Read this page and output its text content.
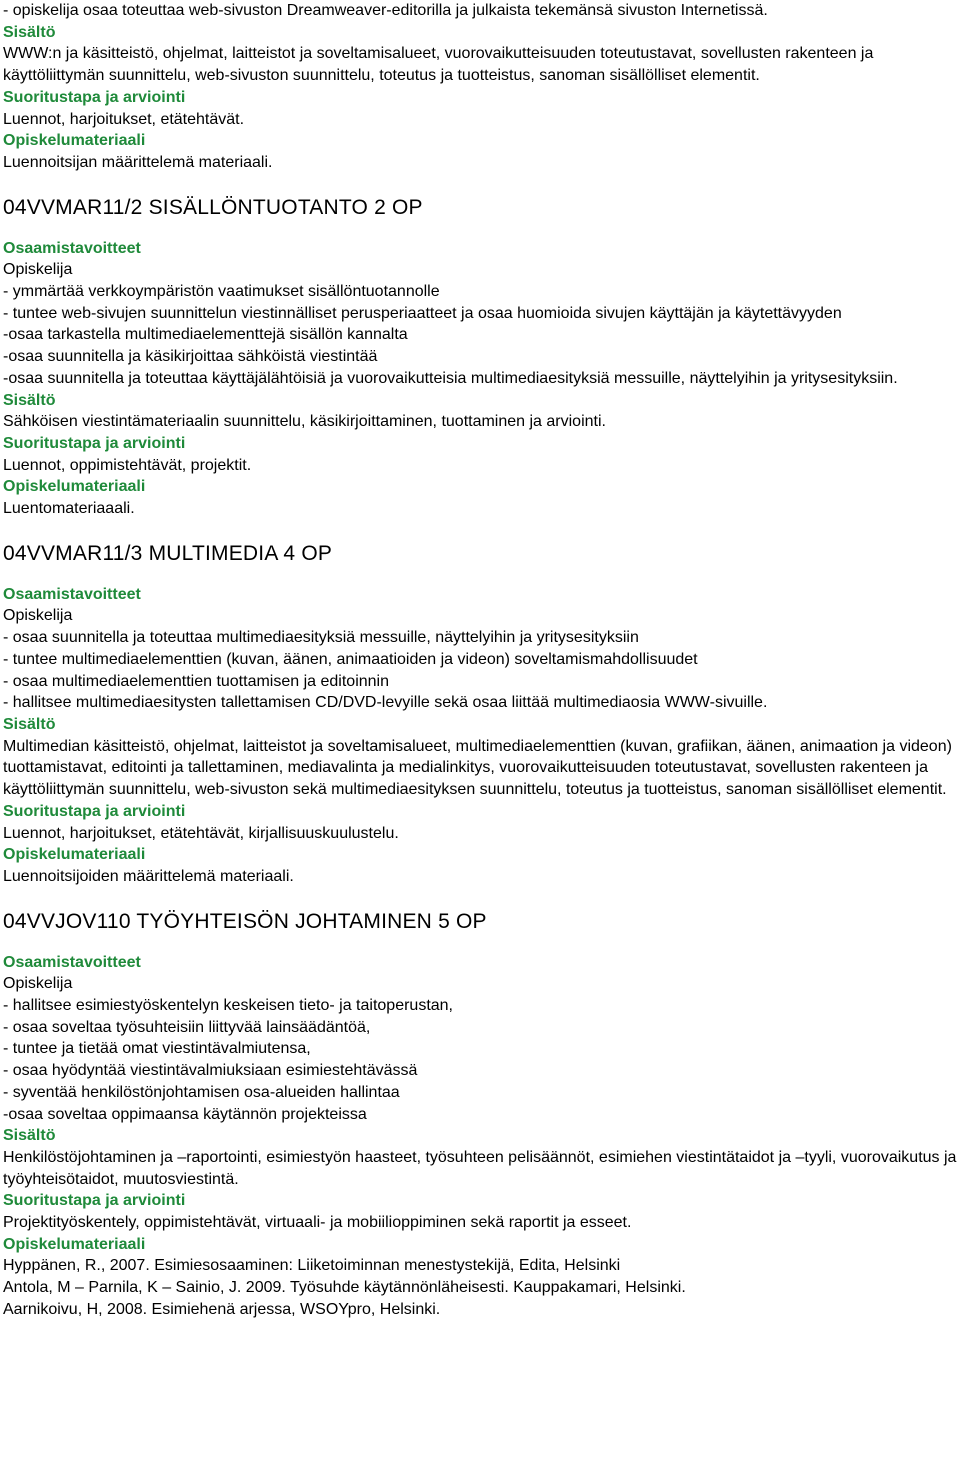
- opiskelija osaa toteuttaa web-sivuston Dreamweaver-editorilla ja julkaista tekemänsä sivuston Internetissä.

Sisältö

WWW:n ja käsitteistö, ohjelmat, laitteistot ja soveltamisalueet, vuorovaikutteisuuden toteutustavat, sovellusten rakenteen ja käyttöliittymän suunnittelu, web-sivuston suunnittelu, toteutus ja tuotteistus, sanoman sisällölliset elementit.

Suoritustapa ja arviointi

Luennot, harjoitukset, etätehtävät.

Opiskelumateriaali

Luennoitsijan määrittelemä materiaali.

04VVMAR11/2 SISÄLLÖNTUOTANTO 2 OP

Osaamistavoitteet

Opiskelija

- ymmärtää verkkoympäristön vaatimukset sisällöntuotannolle

- tuntee web-sivujen suunnittelun viestinnälliset perusperiaatteet ja osaa huomioida sivujen käyttäjän ja käytettävyyden

-osaa tarkastella multimediaelementtejä sisällön kannalta

-osaa suunnitella ja käsikirjoittaa sähköistä viestintää

-osaa suunnitella ja toteuttaa käyttäjälähtöisiä ja vuorovaikutteisia multimediaesityksiä messuille, näyttelyihin ja yritysesityksiin.

Sisältö

Sähköisen viestintämateriaalin suunnittelu, käsikirjoittaminen, tuottaminen ja arviointi.

Suoritustapa ja arviointi

Luennot, oppimistehtävät, projektit.

Opiskelumateriaali

Luentomateriaaali.

04VVMAR11/3 MULTIMEDIA 4 OP

Osaamistavoitteet

Opiskelija

- osaa suunnitella ja toteuttaa multimediaesityksiä messuille, näyttelyihin ja yritysesityksiin

- tuntee multimediaelementtien (kuvan, äänen, animaatioiden ja videon) soveltamismahdollisuudet

- osaa multimediaelementtien tuottamisen ja editoinnin

- hallitsee multimediaesitysten tallettamisen CD/DVD-levyille sekä osaa liittää multimediaosia WWW-sivuille.

Sisältö

Multimedian käsitteistö, ohjelmat, laitteistot ja soveltamisalueet, multimediaelementtien (kuvan, grafiikan, äänen, animaation ja videon) tuottamistavat, editointi ja tallettaminen, mediavalinta ja medialinkitys, vuorovaikutteisuuden toteutustavat, sovellusten rakenteen ja käyttöliittymän suunnittelu, web-sivuston sekä multimediaesityksen suunnittelu, toteutus ja tuotteistus, sanoman sisällölliset elementit.

Suoritustapa ja arviointi

Luennot, harjoitukset, etätehtävät, kirjallisuuskuulustelu.

Opiskelumateriaali

Luennoitsijoiden määrittelemä materiaali.

04VVJOV110 TYÖYHTEISÖN JOHTAMINEN 5 OP

Osaamistavoitteet

Opiskelija

- hallitsee esimiestyöskentelyn keskeisen tieto- ja taitoperustan,

- osaa soveltaa työsuhteisiin liittyvää lainsäädäntöä,

- tuntee ja tietää omat viestintävalmiutensa,

- osaa hyödyntää viestintävalmiuksiaan esimiestehtävässä

- syventää henkilöstönjohtamisen osa-alueiden hallintaa

-osaa soveltaa oppimaansa käytännön projekteissa

Sisältö

Henkilöstöjohtaminen ja –raportointi, esimiestyön haasteet, työsuhteen pelisäännöt, esimiehen viestintätaidot ja –tyyli, vuorovaikutus ja työyhteisötaidot, muutosviestintä.

Suoritustapa ja arviointi

Projektityöskentely, oppimistehtävät, virtuaali- ja mobiilioppiminen sekä raportit ja esseet.

Opiskelumateriaali

Hyppänen, R., 2007. Esimiesosaaminen: Liiketoiminnan menestystekijä, Edita, Helsinki

Antola, M – Parnila, K – Sainio, J. 2009. Työsuhde käytännönläheisesti. Kauppakamari, Helsinki.

Aarnikoivu, H, 2008. Esimiehenä arjessa, WSOYpro, Helsinki.
